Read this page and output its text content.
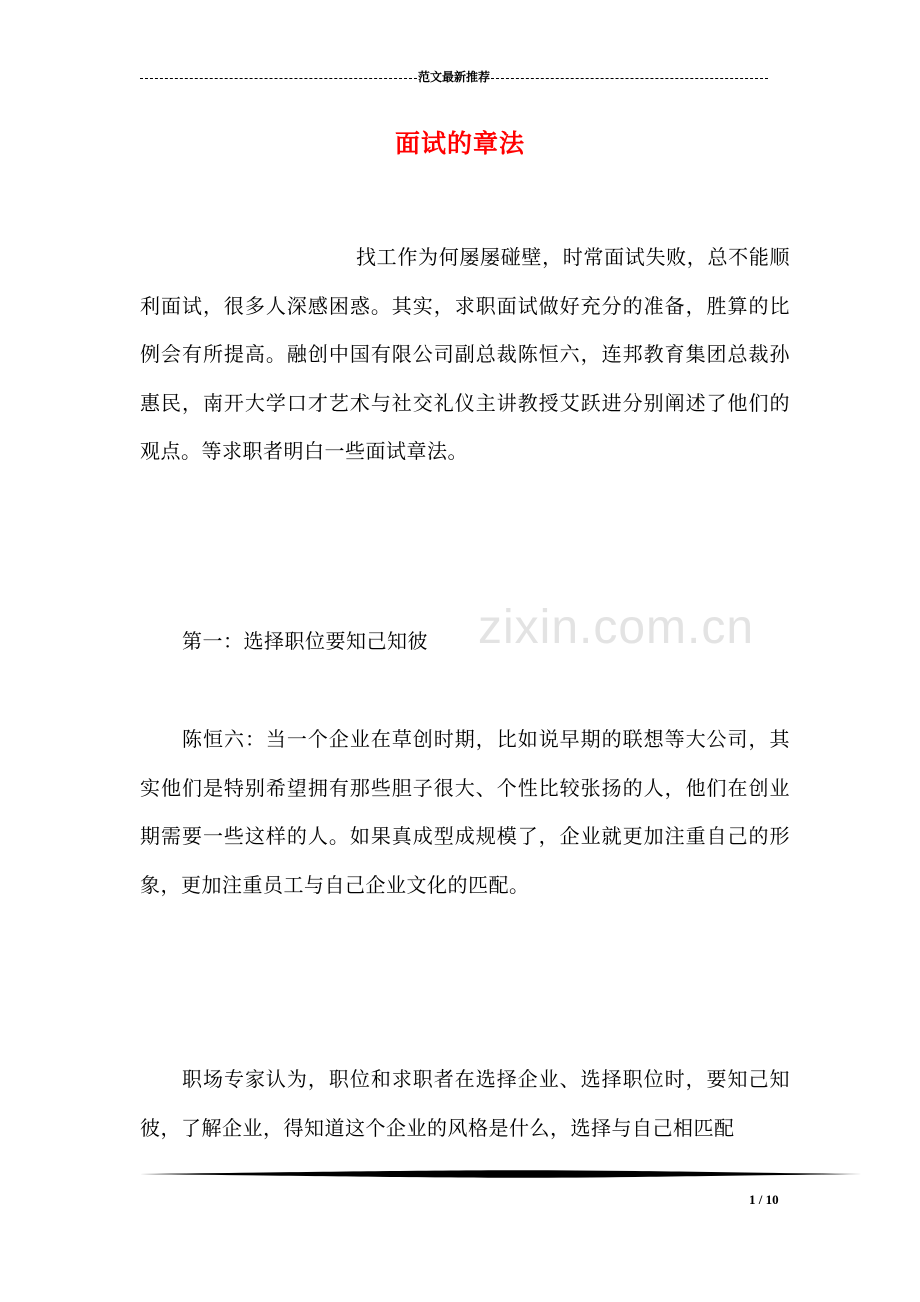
范文最新推荐
面试的章法
找工作为何屡屡碰壁，时常面试失败，总不能顺利面试，很多人深感困惑。其实，求职面试做好充分的准备，胜算的比例会有所提高。融创中国有限公司副总裁陈恒六，连邦教育集团总裁孙惠民，南开大学口才艺术与社交礼仪主讲教授艾跃进分别阐述了他们的观点。等求职者明白一些面试章法。
zixin.com.cn
第一：选择职位要知己知彼
陈恒六：当一个企业在草创时期，比如说早期的联想等大公司，其实他们是特别希望拥有那些胆子很大、个性比较张扬的人，他们在创业期需要一些这样的人。如果真成型成规模了，企业就更加注重自己的形象，更加注重员工与自己企业文化的匹配。
职场专家认为，职位和求职者在选择企业、选择职位时，要知己知彼，了解企业，得知道这个企业的风格是什么，选择与自己相匹配
1 / 10
